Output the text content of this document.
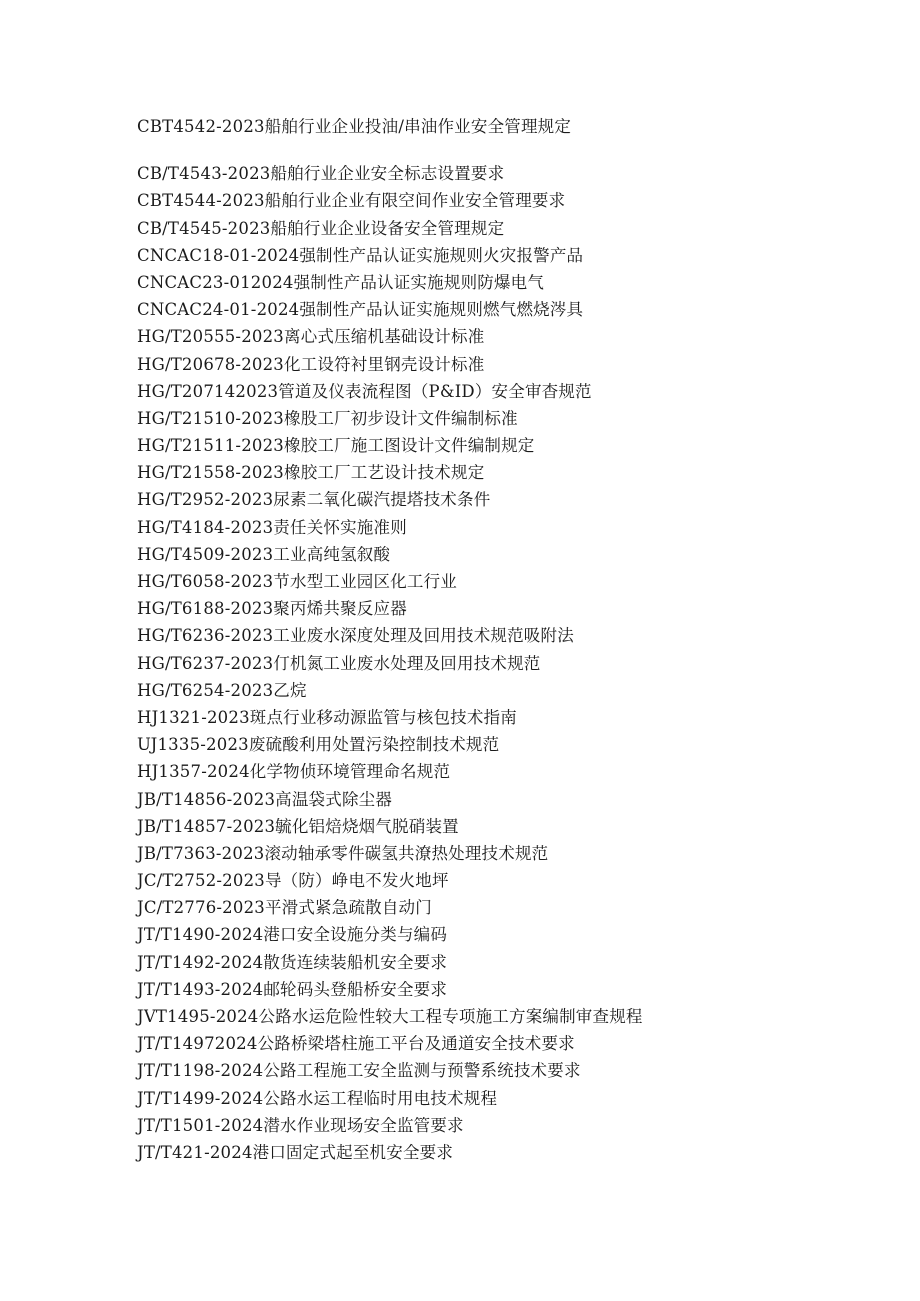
CBT4542-2023船舶行业企业投油/串油作业安全管理规定
CB/T4543-2023船舶行业企业安全标志设置要求
CBT4544-2023船舶行业企业有限空间作业安全管理要求
CB/T4545-2023船舶行业企业设备安全管理规定
CNCAC18-01-2024强制性产品认证实施规则火灾报警产品
CNCAC23-012024强制性产品认证实施规则防爆电气
CNCAC24-01-2024强制性产品认证实施规则燃气燃烧涔具
HG/T20555-2023离心式压缩机基础设计标准
HG/T20678-2023化工设符衬里钢壳设计标准
HG/T207142023管道及仪表流程图（P&ID）安全审杳规范
HG/T21510-2023橡股工厂初步设计文件编制标准
HG/T21511-2023橡胶工厂施工图设计文件编制规定
HG/T21558-2023橡胶工厂工艺设计技术规定
HG/T2952-2023尿素二氧化碳汽提塔技术条件
HG/T4184-2023责任关怀实施准则
HG/T4509-2023工业高纯氢叙酸
HG/T6058-2023节水型工业园区化工行业
HG/T6188-2023聚丙烯共聚反应器
HG/T6236-2023工业废水深度处理及回用技术规范吸附法
HG/T6237-2023仃机氮工业废水处理及回用技术规范
HG/T6254-2023乙烷
HJ1321-2023斑点行业移动源监管与核包技术指南
UJ1335-2023废硫酸利用处置污染控制技术规范
HJ1357-2024化学物侦环境管理命名规范
JB/T14856-2023高温袋式除尘器
JB/T14857-2023毓化铝焙烧烟气脱硝装置
JB/T7363-2023滚动轴承零件碳氢共潦热处理技术规范
JC/T2752-2023导（防）峥电不发火地坪
JC/T2776-2023平滑式紧急疏散自动门
JT/T1490-2024港口安全设施分类与编码
JT/T1492-2024散货连续装船机安全要求
JT/T1493-2024邮轮码头登船桥安全要求
JVT1495-2024公路水运危险性较大工程专项施工方案编制审查规程
JT/T14972024公路桥梁塔柱施工平台及通道安全技术要求
JT/T1198-2024公路工程施工安全监测与预警系统技术要求
JT/T1499-2024公路水运工程临时用电技术规程
JT/T1501-2024潜水作业现场安全监管要求
JT/T421-2024港口固定式起至机安全要求
